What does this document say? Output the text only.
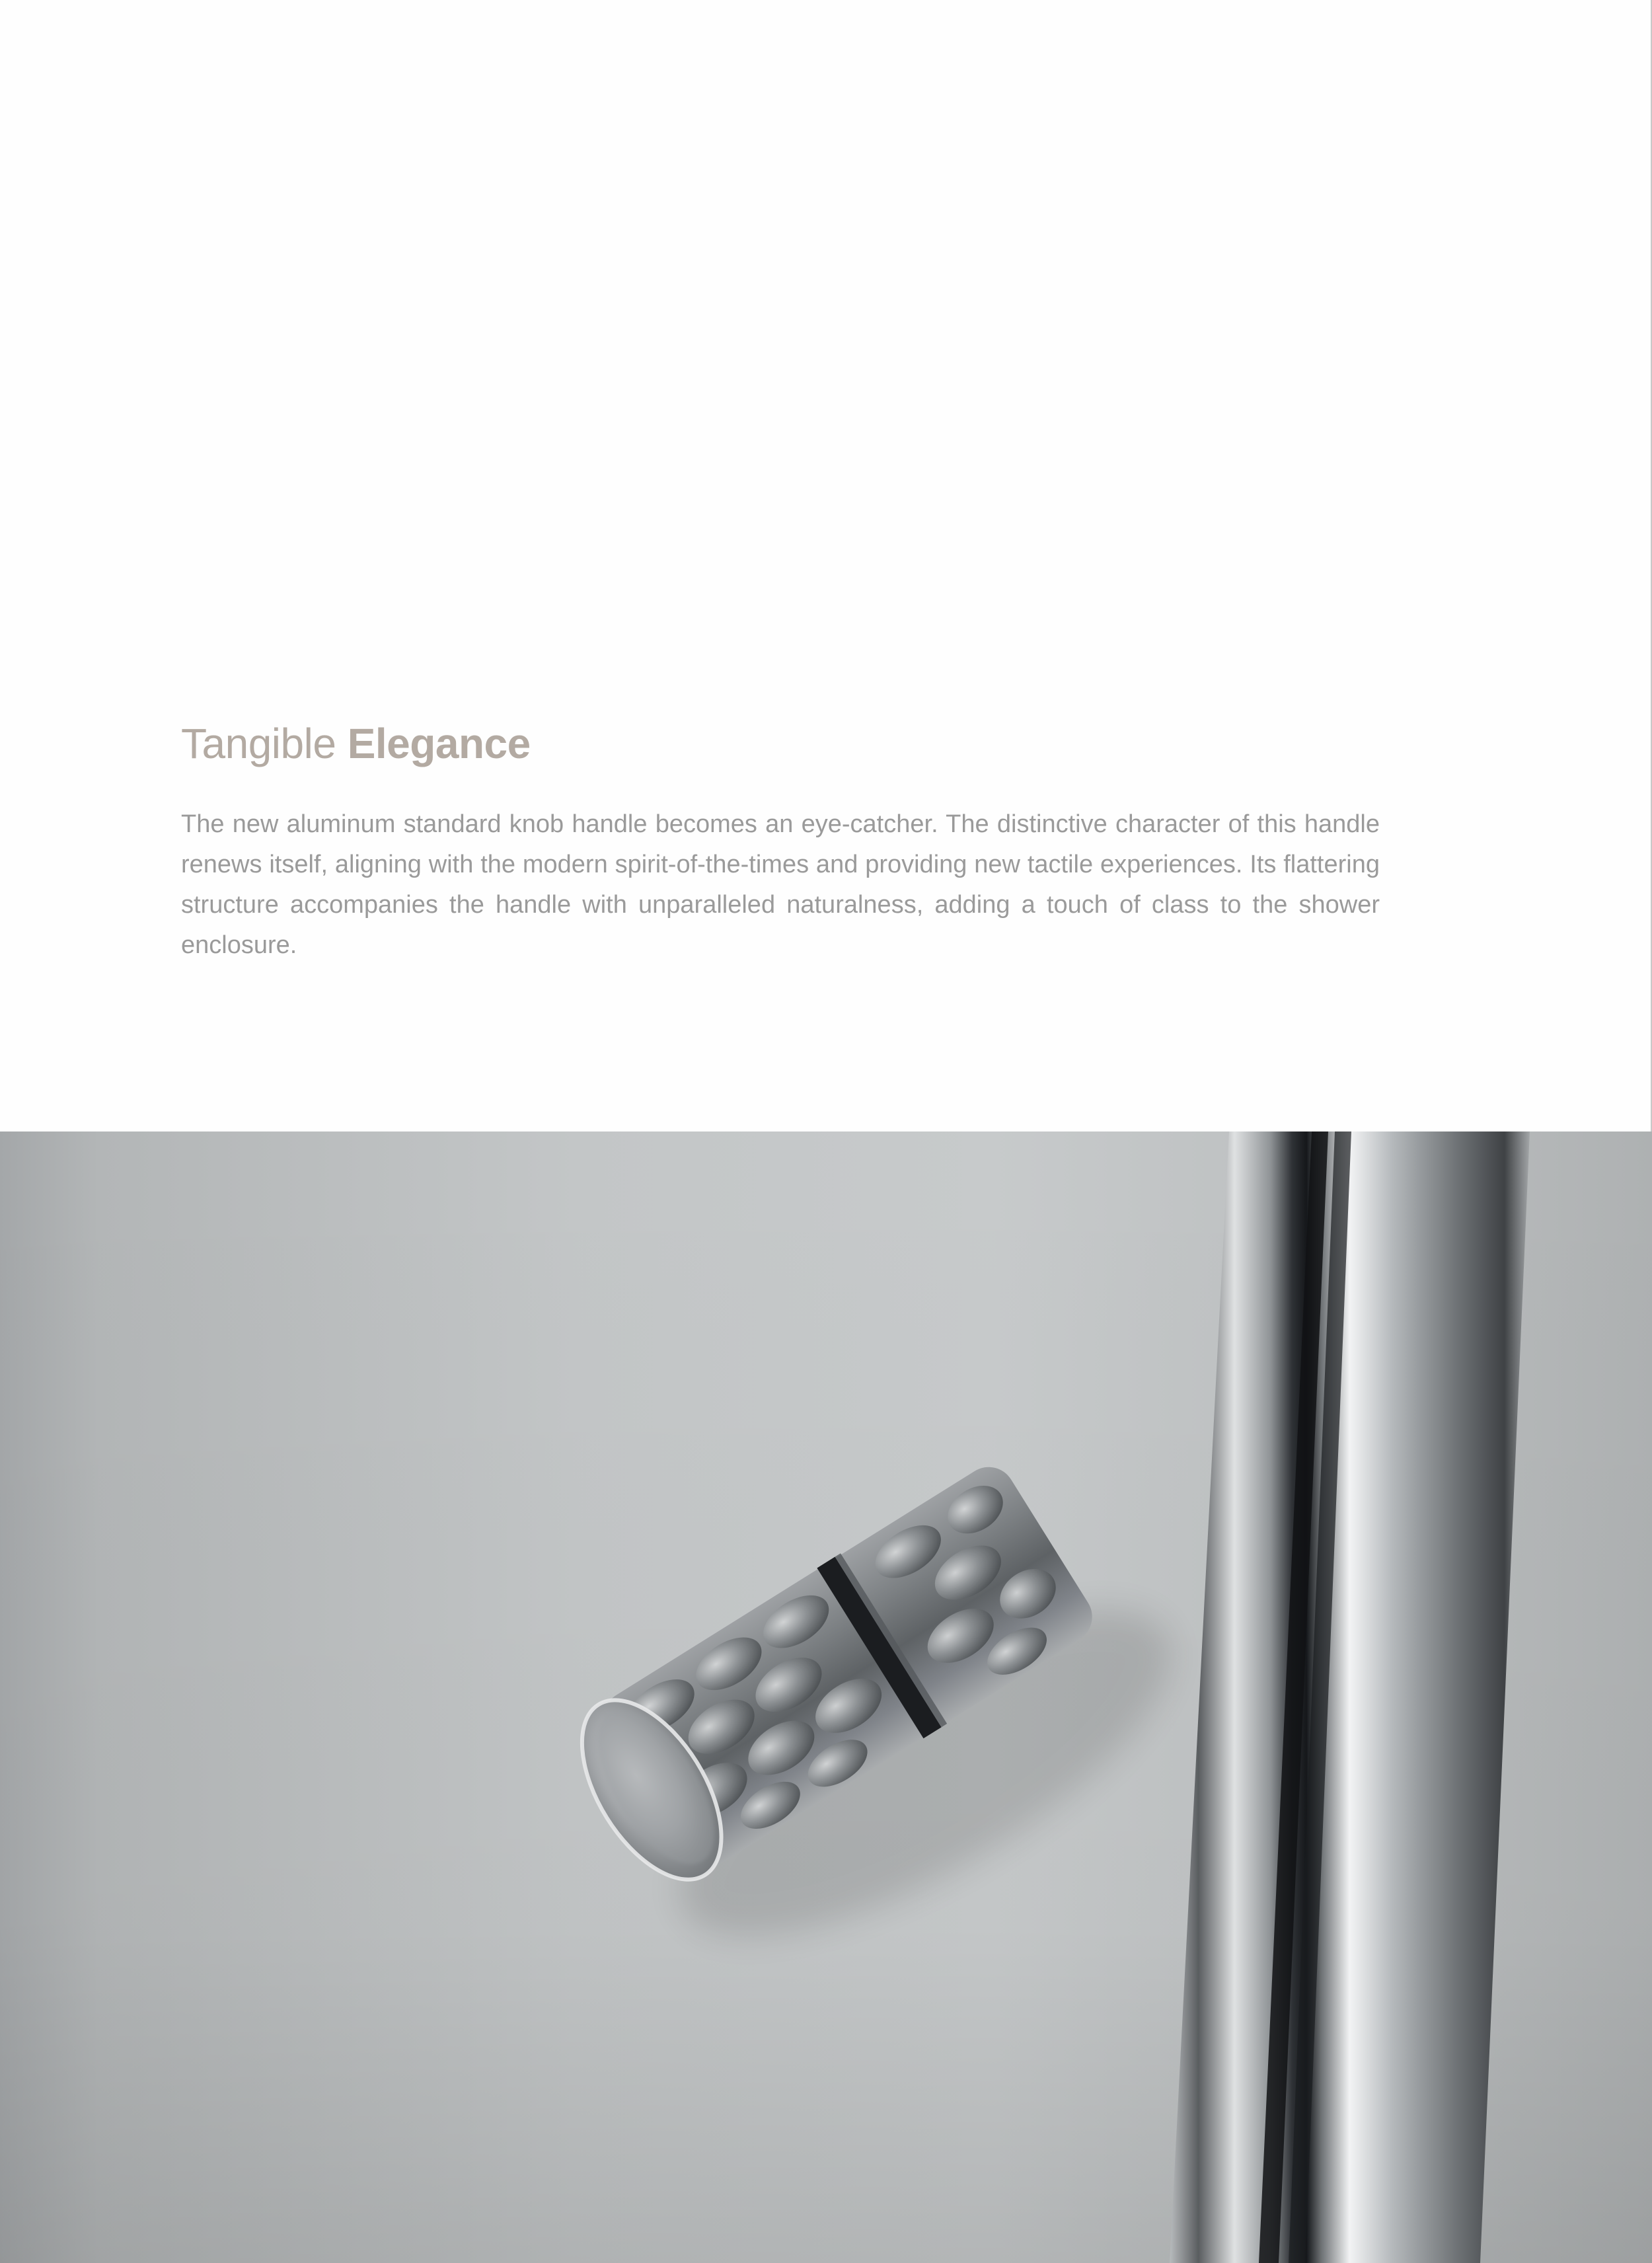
Tangible Elegance

The new aluminum standard knob handle becomes an eye-catcher. The distinctive character of this handle renews itself, aligning with the modern spirit-of-the-times and providing new tactile experiences. Its flattering structure accompanies the handle with unparalleled naturalness, adding a touch of class to the shower enclosure.
